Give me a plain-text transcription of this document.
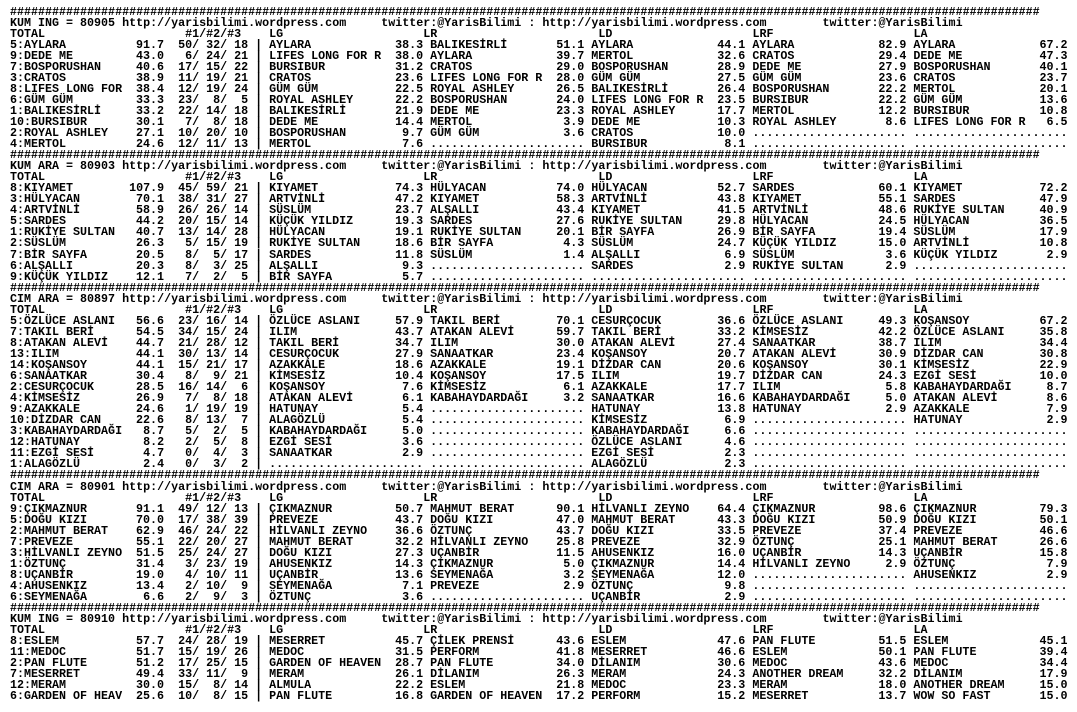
###################################################################################################################################################
KUM ING = 80905 http://yarisbilimi.wordpress.com	twitter:@YarisBilimi : http://yarisbilimi.wordpress.com	twitter:@YarisBilimi
TOTAL	#1/#2/#3 LG	LR	LD	LRF	LA
5:AYLARA	91.7 50/ 32/ 18 | AYLARA	38.3 BALIKESİRLİ	51.1 AYLARA	44.1 AYLARA	82.9 AYLARA	67.2
9:DEDE ME	43.0 6/ 24/ 21 | LIFES LONG FOR R 38.0 AYLARA	39.7 MERTOL	32.6 CRATOS	29.4 DEDE ME	47.3
7:BOSPORUSHAN	40.6 17/ 15/ 22 | BURSIBUR	31.2 CRATOS	29.0 BOSPORUSHAN	28.9 DEDE ME	27.9 BOSPORUSHAN	40.1
3:CRATOS	38.9 11/ 19/ 21 | CRATOS	23.6 LIFES LONG FOR R 28.0 GÜM GÜM	27.5 GÜM GÜM	23.6 CRATOS	23.7
8:LIFES LONG FOR 38.4 12/ 19/ 24 | GÜM GÜM	22.5 ROYAL ASHLEY	26.5 BALIKESİRLİ	26.4 BOSPORUSHAN	22.2 MERTOL	20.1
6:GÜM GÜM	33.3 23/ 8/ 5 | ROYAL ASHLEY	22.2 BOSPORUSHAN	24.0 LIFES LONG FOR R 23.5 BURSIBUR	22.2 GÜM GÜM	13.6
1:BALIKESİRLİ	33.2 22/ 14/ 18 | BALIKESİRLİ	21.9 DEDE ME	23.3 ROYAL ASHLEY	17.7 MERTOL	12.2 BURSIBUR	10.8
10:BURSIBUR	30.1 7/ 8/ 18 | DEDE ME	14.4 MERTOL	3.9 DEDE ME	10.3 ROYAL ASHLEY	8.6 LIFES LONG FOR R 6.5
2:ROYAL ASHLEY 27.1 10/ 20/ 10 | BOSPORUSHAN	9.7 GÜM GÜM	3.6 CRATOS	10.0 ...................... ......................
4:MERTOL	24.6 12/ 11/ 13 | MERTOL	7.6 ...................... BURSIBUR	8.1 ...................... ......................
###################################################################################################################################################
KUM ARA = 80903 http://yarisbilimi.wordpress.com	twitter:@YarisBilimi : http://yarisbilimi.wordpress.com	twitter:@YarisBilimi
TOTAL	#1/#2/#3 LG	LR	LD	LRF	LA
8:KIYAMET	107.9 45/ 59/ 21 | KIYAMET	74.3 HÜLYACAN	74.0 HÜLYACAN	52.7 SARDES	60.1 KIYAMET	72.2
3:HÜLYACAN	70.1 38/ 31/ 27 | ARTVİNLİ	47.2 KIYAMET	58.3 ARTVİNLİ	43.8 KIYAMET	55.1 SARDES	47.9
4:ARTVİNLİ	58.9 26/ 26/ 14 | SÜSLÜM	23.7 ALŞALLI	43.4 KIYAMET	41.5 ARTVİNLİ	48.6 RUKİYE SULTAN	40.9
5:SARDES	44.2 20/ 15/ 14 | KÜÇÜK YILDIZ	19.3 SARDES	27.6 RUKİYE SULTAN	29.8 HÜLYACAN	24.5 HÜLYACAN	36.5
1:RUKİYE SULTAN 40.7 13/ 14/ 28 | HÜLYACAN	19.1 RUKİYE SULTAN	20.1 BİR SAYFA	26.9 BİR SAYFA	19.4 SÜSLÜM	17.9
2:SÜSLÜM	26.3 5/ 15/ 19 | RUKİYE SULTAN	18.6 BİR SAYFA	4.3 SÜSLÜM	24.7 KÜÇÜK YILDIZ	15.0 ARTVİNLİ	10.8
7:BİR SAYFA	20.5 8/ 5/ 17 | SARDES	11.8 SÜSLÜM	1.4 ALŞALLI	6.9 SÜSLÜM	3.6 KÜÇÜK YILDIZ	2.9
6:ALŞALLI	20.3 8/ 3/ 25 | ALŞALLI	9.3 ...................... SARDES	2.9 RUKİYE SULTAN	2.9 ......................
9:KÜÇÜK YILDIZ 12.1 7/ 2/ 5 | BİR SAYFA	5.7 ...................... ...................... ...................... ......................
###################################################################################################################################################
CIM ARA = 80897 http://yarisbilimi.wordpress.com	twitter:@YarisBilimi : http://yarisbilimi.wordpress.com	twitter:@YarisBilimi
TOTAL	#1/#2/#3 LG	LR	LD	LRF	LA
5:ÖZLÜCE ASLANI 56.6 23/ 16/ 14 | ÖZLÜCE ASLANI	57.9 TAKIL BERİ	70.1 CESURÇOCUK	36.6 ÖZLÜCE ASLANI	49.3 KOŞANSOY	67.2
7:TAKIL BERİ	54.5 34/ 15/ 24 | ILIM	43.7 ATAKAN ALEVİ	59.7 TAKIL BERİ	33.2 KİMSESİZ	42.2 ÖZLÜCE ASLANI	35.8
8:ATAKAN ALEVİ 44.7 21/ 28/ 12 | TAKIL BERİ	34.7 ILIM	30.0 ATAKAN ALEVİ	27.4 SANAATKAR	38.7 ILIM	34.4
13:ILIM	44.1 30/ 13/ 14 | CESURÇOCUK	27.9 SANAATKAR	23.4 KOŞANSOY	20.7 ATAKAN ALEVİ	30.9 DİZDAR CAN	30.8
14:KOŞANSOY	44.1 15/ 21/ 17 | AZAKKALE	18.6 AZAKKALE	19.1 DİZDAR CAN	20.6 KOŞANSOY	30.1 KİMSESİZ	22.9
6:SANAATKAR	30.4 8/ 9/ 21 | KİMSESİZ	10.4 KOŞANSOY	17.5 ILIM	19.7 DİZDAR CAN	24.3 EZGİ SESİ	10.0
2:CESURÇOCUK	28.5 16/ 14/ 6 | KOŞANSOY	7.6 KİMSESİZ	6.1 AZAKKALE	17.7 ILIM	5.8 KABAHAYDARDAĞI	8.7
4:KİMSESİZ	26.9 7/ 8/ 18 | ATAKAN ALEVİ	6.1 KABAHAYDARDAĞI	3.2 SANAATKAR	16.6 KABAHAYDARDAĞI	5.0 ATAKAN ALEVİ	8.6
9:AZAKKALE	24.6 1/ 19/ 19 | HATUNAY	5.4 ...................... HATUNAY	13.8 HATUNAY	2.9 AZAKKALE	7.9
10:DİZDAR CAN	22.6 8/ 13/ 7 | ALAGÖZLÜ	5.4 ...................... KİMSESİZ	6.9 ...................... HATUNAY	2.9
3:KABAHAYDARDAĞI 8.7 5/ 2/ 5 | KABAHAYDARDAĞI	5.0 ...................... KABAHAYDARDAĞI	6.6 ...................... ......................
12:HATUNAY	8.2 2/ 5/ 8 | EZGİ SESİ	3.6 ...................... ÖZLÜCE ASLANI	4.6 ...................... ......................
11:EZGİ SESİ	4.7 0/ 4/ 3 | SANAATKAR	2.9 ...................... EZGİ SESİ	2.3 ...................... ......................
1:ALAGÖZLÜ	2.4 0/ 3/ 2 | ...................... ...................... ALAGÖZLÜ	2.3 ...................... ......................
###################################################################################################################################################
CIM ARA = 80901 http://yarisbilimi.wordpress.com	twitter:@YarisBilimi : http://yarisbilimi.wordpress.com	twitter:@YarisBilimi
TOTAL	#1/#2/#3 LG	LR	LD	LRF	LA
9:ÇIKMAZNUR	91.1 49/ 12/ 13 | ÇIKMAZNUR	50.7 MAHMUT BERAT	90.1 HİLVANLI ZEYNO 64.4 ÇIKMAZNUR	98.6 ÇIKMAZNUR	79.3
5:DOĞU KIZI	70.0 17/ 38/ 39 | PREVEZE	43.7 DOĞU KIZI	47.0 MAHMUT BERAT	43.3 DOĞU KIZI	50.9 DOĞU KIZI	50.1
2:MAHMUT BERAT 62.9 46/ 24/ 22 | HİLVANLI ZEYNO 36.6 ÖZTUNÇ	43.7 DOĞU KIZI	33.5 PREVEZE	37.4 PREVEZE	46.6
7:PREVEZE	55.1 22/ 20/ 27 | MAHMUT BERAT	32.2 HİLVANLI ZEYNO 25.8 PREVEZE	32.9 ÖZTUNÇ	25.1 MAHMUT BERAT	26.6
3:HİLVANLI ZEYNO 51.5 25/ 24/ 27 | DOĞU KIZI	27.3 UÇANBİR	11.5 AHUSENKIZ	16.0 UÇANBİR	14.3 UÇANBİR	15.8
1:ÖZTUNÇ	31.4 3/ 23/ 19 | AHUSENKIZ	14.3 ÇIKMAZNUR	5.0 ÇIKMAZNUR	14.4 HİLVANLI ZEYNO	2.9 ÖZTUNÇ	7.9
8:UÇANBİR	19.0 4/ 10/ 11 | UÇANBİR	13.6 SEYMENAĞA	3.2 SEYMENAĞA	12.0 ...................... AHUSENKIZ	2.9
4:AHUSENKIZ	13.4 2/ 10/ 9 | SEYMENAĞA	7.1 PREVEZE	2.9 ÖZTUNÇ	9.8 ...................... ......................
6:SEYMENAĞA	6.6 2/ 9/ 3 | ÖZTUNÇ	3.6 ...................... UÇANBİR	2.9 ...................... ......................
###################################################################################################################################################
KUM ING = 80910 http://yarisbilimi.wordpress.com	twitter:@YarisBilimi : http://yarisbilimi.wordpress.com	twitter:@YarisBilimi
TOTAL	#1/#2/#3 LG	LR	LD	LRF	LA
8:ESLEM	57.7 24/ 28/ 19 | MESERRET	45.7 ÇİLEK PRENSİ	43.6 ESLEM	47.6 PAN FLUTE	51.5 ESLEM	45.1
11:MEDOC	51.7 15/ 19/ 26 | MEDOC	31.5 PERFORM	41.8 MESERRET	46.6 ESLEM	50.1 PAN FLUTE	39.4
2:PAN FLUTE	51.2 17/ 25/ 15 | GARDEN OF HEAVEN 28.7 PAN FLUTE	34.0 DİLANIM	30.6 MEDOC	43.6 MEDOC	34.4
7:MESERRET	49.4 33/ 11/ 9 | MERAM	26.1 DİLANIM	26.3 MERAM	24.3 ANOTHER DREAM	32.2 DİLANIM	17.9
12:MERAM	30.0 15/ 8/ 14 | ALMULA	22.2 ESLEM	21.8 MEDOC	23.3 MERAM	18.0 ANOTHER DREAM	15.0
6:GARDEN OF HEAV 25.6 10/ 8/ 15 | PAN FLUTE	16.8 GARDEN OF HEAVEN 17.2 PERFORM	15.2 MESERRET	13.7 WOW SO FAST	15.0
